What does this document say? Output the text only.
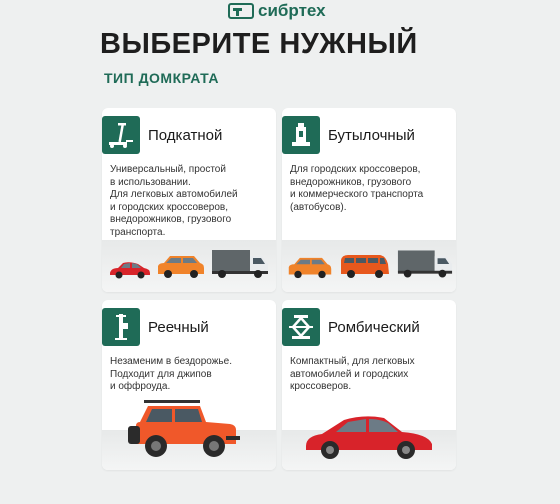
сибртех
ВЫБЕРИТЕ НУЖНЫЙ
ТИП ДОМКРАТА
Подкатной
Универсальный, простой
в использовании.
Для легковых автомобилей
и городских кроссоверов,
внедорожников, грузового
транспорта.
Бутылочный
Для городских кроссоверов,
внедорожников, грузового
и коммерческого транспорта
(автобусов).
Реечный
Незаменим в бездорожье.
Подходит для джипов
и оффроуда.
Ромбический
Компактный, для легковых
автомобилей и городских
кроссоверов.
